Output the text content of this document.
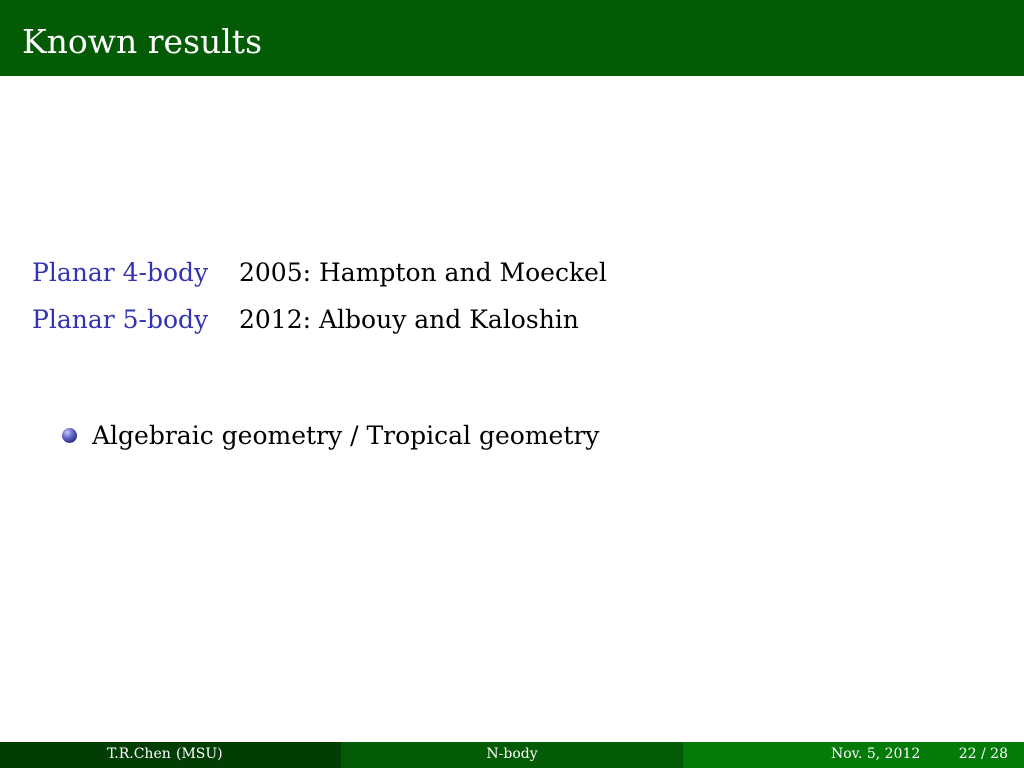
Known results
Planar 4-body 2005: Hampton and Moeckel
Planar 5-body 2012: Albouy and Kaloshin
Algebraic geometry / Tropical geometry
T.R.Chen (MSU)	N-body	Nov. 5, 2012	22 / 28
